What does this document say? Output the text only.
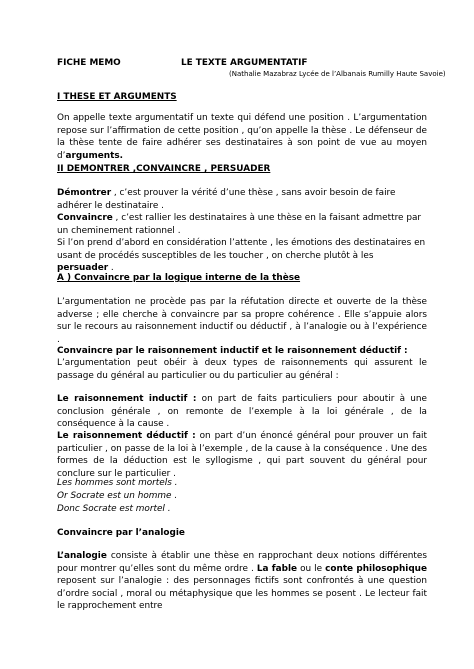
FICHE MEMO	LE TEXTE ARGUMENTATIF
(Nathalie Mazabraz Lycée de l’Albanais Rumilly Haute Savoie)
I THESE ET ARGUMENTS

On appelle texte argumentatif un texte qui défend une position . L’argumentation repose sur l’affirmation de cette position , qu’on appelle la thèse . Le défenseur de la thèse tente de faire adhérer ses destinataires à son point de vue au moyen d’arguments.

II DEMONTRER ,CONVAINCRE , PERSUADER

Démontrer , c’est prouver la vérité d’une thèse , sans avoir besoin de faire adhérer le destinataire .

Convaincre , c’est rallier les destinataires à une thèse en la faisant admettre par un cheminement rationnel .

Si l’on prend d’abord en considération l’attente , les émotions des destinataires en usant de procédés susceptibles de les toucher , on cherche plutôt à les persuader .

A ) Convaincre par la logique interne de la thèse

L’argumentation ne procède pas par la réfutation directe et ouverte de la thèse adverse ; elle cherche à convaincre par sa propre cohérence . Elle s’appuie alors sur le recours au raisonnement inductif ou déductif , à l’analogie ou à l’expérience .

Convaincre par le raisonnement inductif et le raisonnement déductif :

L’argumentation peut obéir à deux types de raisonnements qui assurent le passage du général au particulier ou du particulier au général :

Le raisonnement inductif : on part de faits particuliers pour aboutir à une conclusion générale , on remonte de l’exemple à la loi générale , de la conséquence à la cause .

Le raisonnement déductif : on part d’un énoncé général pour prouver un fait particulier , on passe de la loi à l’exemple , de la cause à la conséquence . Une des formes de la déduction est le syllogisme , qui part souvent du général pour conclure sur le particulier .

Les hommes sont mortels .
Or Socrate est un homme .
Donc Socrate est mortel .
Convaincre par l’analogie

L’analogie consiste à établir une thèse en rapprochant deux notions différentes pour montrer qu’elles sont du même ordre . La fable ou le conte philosophique reposent sur l’analogie : des personnages fictifs sont confrontés à une question d’ordre social , moral ou métaphysique que les hommes se posent . Le lecteur fait le rapprochement entre
